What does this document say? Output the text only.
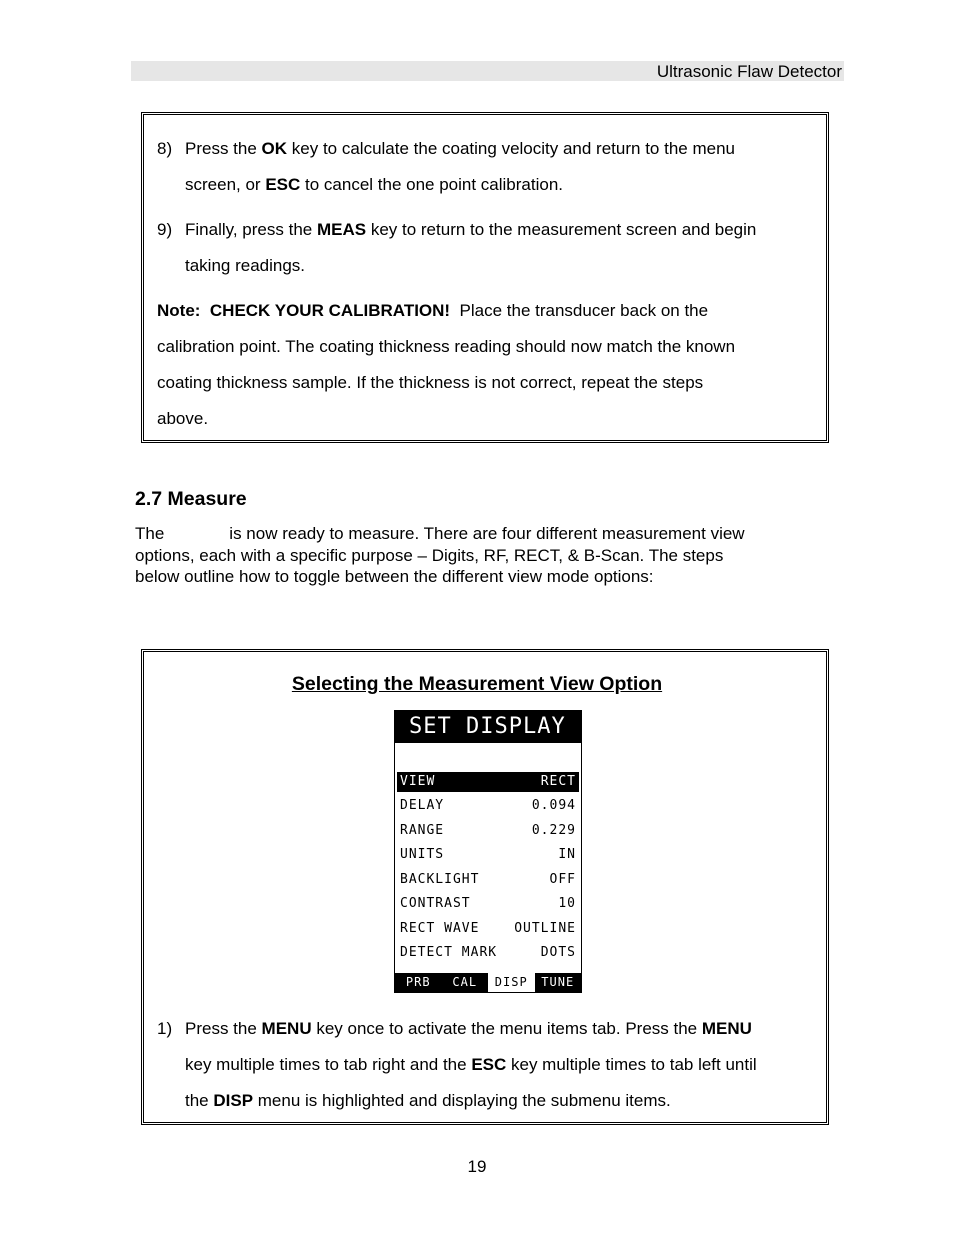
Ultrasonic Flaw Detector
8) Press the OK key to calculate the coating velocity and return to the menu
screen, or ESC to cancel the one point calibration.
9) Finally, press the MEAS key to return to the measurement screen and begin
taking readings.
Note:  CHECK YOUR CALIBRATION!  Place the transducer back on the
calibration point. The coating thickness reading should now match the known
coating thickness sample. If the thickness is not correct, repeat the steps
above.
2.7 Measure
The	is now ready to measure. There are four different measurement view
options, each with a specific purpose – Digits, RF, RECT, & B-Scan. The steps
below outline how to toggle between the different view mode options:
Selecting the Measurement View Option
SET DISPLAY
VIEW	RECT
DELAY	0.094
RANGE	0.229
UNITS	IN
BACKLIGHT	OFF
CONTRAST	10
RECT WAVE	OUTLINE
DETECT MARK	DOTS
PRB	CAL	DISP	TUNE
1) Press the MENU key once to activate the menu items tab. Press the MENU
key multiple times to tab right and the ESC key multiple times to tab left until
the DISP menu is highlighted and displaying the submenu items.
19
